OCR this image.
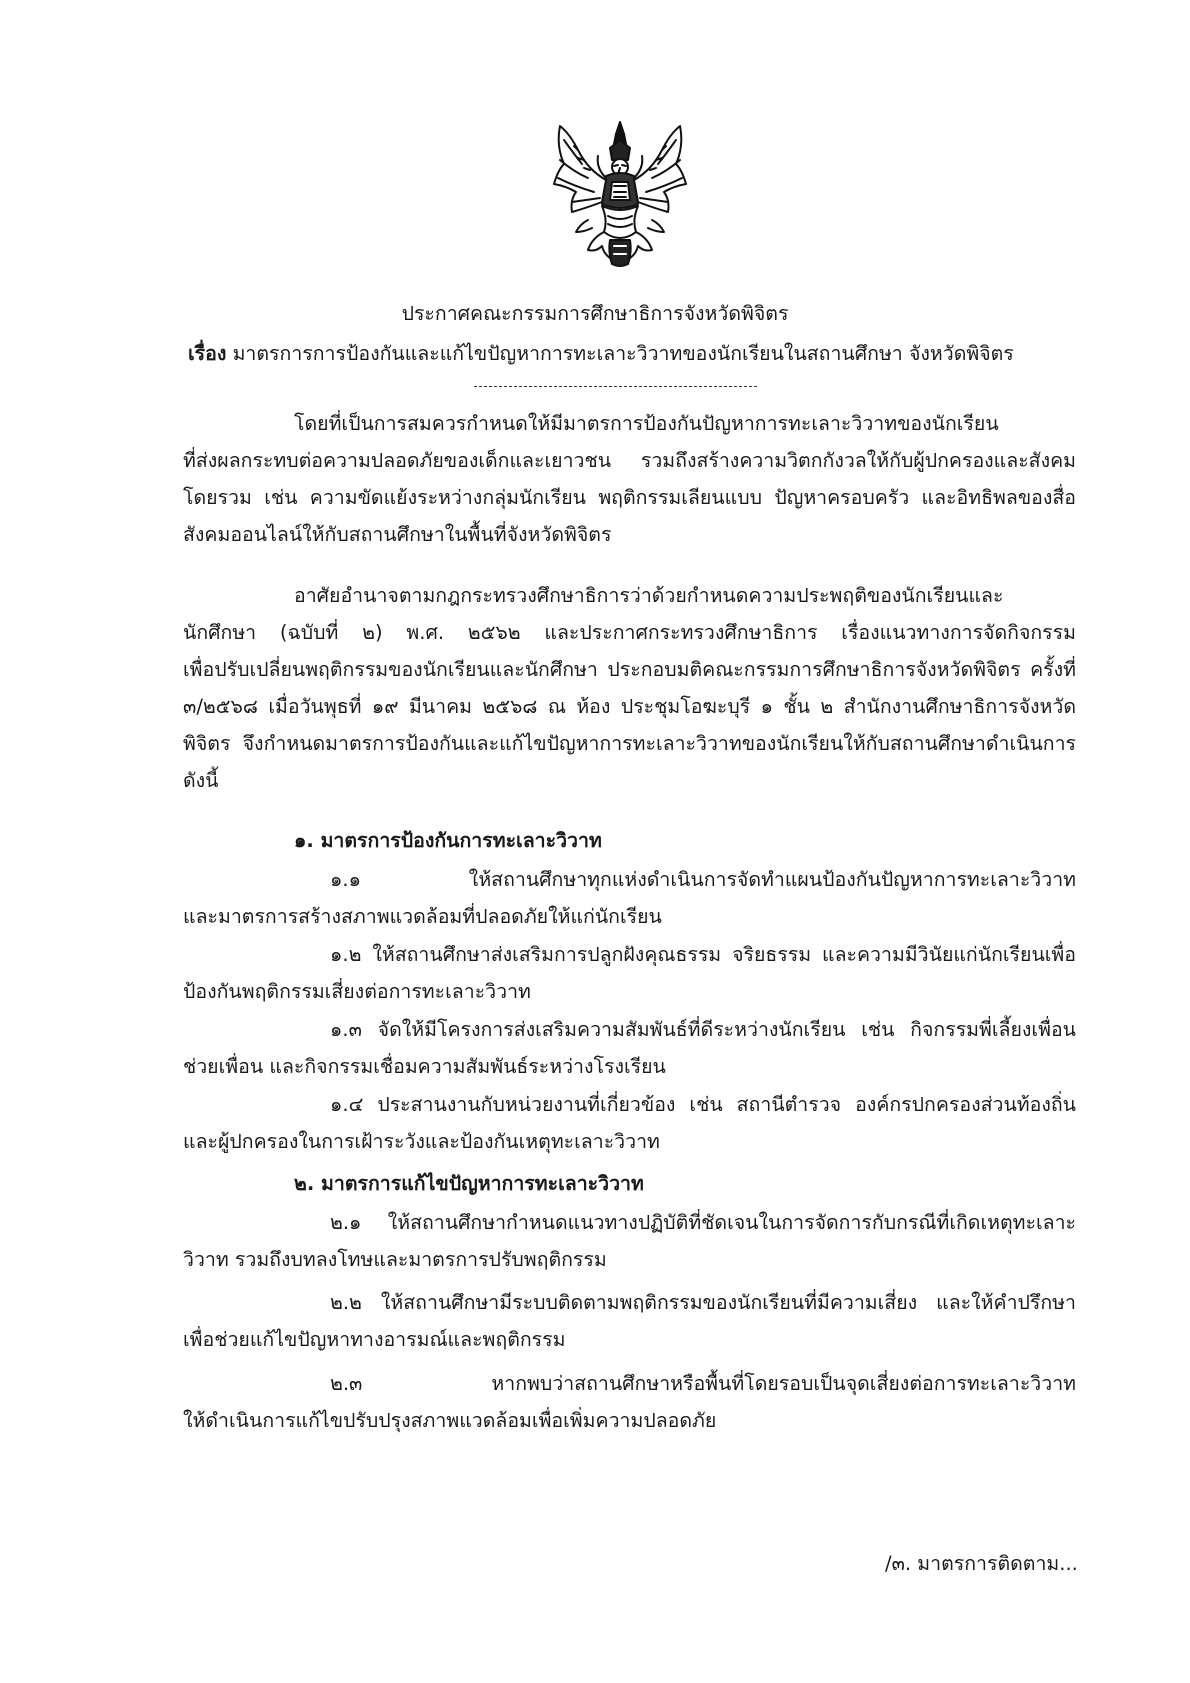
ประกาศคณะกรรมการศึกษาธิการจังหวัดพิจิตร
เรื่อง มาตรการการป้องกันและแก้ไขปัญหาการทะเลาะวิวาทของนักเรียนในสถานศึกษา จังหวัดพิจิตร
โดยที่เป็นการสมควรกำหนดให้มีมาตรการป้องกันปัญหาการทะเลาะวิวาทของนักเรียน
ที่ส่งผลกระทบต่อความปลอดภัยของเด็กและเยาวชน รวมถึงสร้างความวิตกกังวลให้กับผู้ปกครองและสังคม
โดยรวม เช่น ความขัดแย้งระหว่างกลุ่มนักเรียน พฤติกรรมเลียนแบบ ปัญหาครอบครัว และอิทธิพลของสื่อ
สังคมออนไลน์ให้กับสถานศึกษาในพื้นที่จังหวัดพิจิตร
อาศัยอำนาจตามกฎกระทรวงศึกษาธิการว่าด้วยกำหนดความประพฤติของนักเรียนและ
นักศึกษา (ฉบับที่ ๒) พ.ศ. ๒๕๖๒ และประกาศกระทรวงศึกษาธิการ เรื่องแนวทางการจัดกิจกรรม
เพื่อปรับเปลี่ยนพฤติกรรมของนักเรียนและนักศึกษา ประกอบมติคณะกรรมการศึกษาธิการจังหวัดพิจิตร ครั้งที่
๓/๒๕๖๘ เมื่อวันพุธที่ ๑๙ มีนาคม ๒๕๖๘ ณ ห้อง ประชุมโอฆะบุรี ๑ ชั้น ๒ สำนักงานศึกษาธิการจังหวัด
พิจิตร จึงกำหนดมาตรการป้องกันและแก้ไขปัญหาการทะเลาะวิวาทของนักเรียนให้กับสถานศึกษาดำเนินการ
ดังนี้
๑. มาตรการป้องกันการทะเลาะวิวาท
๑.๑ ให้สถานศึกษาทุกแห่งดำเนินการจัดทำแผนป้องกันปัญหาการทะเลาะวิวาท
และมาตรการสร้างสภาพแวดล้อมที่ปลอดภัยให้แก่นักเรียน
๑.๒ ให้สถานศึกษาส่งเสริมการปลูกฝังคุณธรรม จริยธรรม และความมีวินัยแก่นักเรียนเพื่อ
ป้องกันพฤติกรรมเสี่ยงต่อการทะเลาะวิวาท
๑.๓ จัดให้มีโครงการส่งเสริมความสัมพันธ์ที่ดีระหว่างนักเรียน เช่น กิจกรรมพี่เลี้ยงเพื่อน
ช่วยเพื่อน และกิจกรรมเชื่อมความสัมพันธ์ระหว่างโรงเรียน
๑.๔ ประสานงานกับหน่วยงานที่เกี่ยวข้อง เช่น สถานีตำรวจ องค์กรปกครองส่วนท้องถิ่น
และผู้ปกครองในการเฝ้าระวังและป้องกันเหตุทะเลาะวิวาท
๒. มาตรการแก้ไขปัญหาการทะเลาะวิวาท
๒.๑ ให้สถานศึกษากำหนดแนวทางปฏิบัติที่ชัดเจนในการจัดการกับกรณีที่เกิดเหตุทะเลาะ
วิวาท รวมถึงบทลงโทษและมาตรการปรับพฤติกรรม
๒.๒ ให้สถานศึกษามีระบบติดตามพฤติกรรมของนักเรียนที่มีความเสี่ยง และให้คำปรึกษา
เพื่อช่วยแก้ไขปัญหาทางอารมณ์และพฤติกรรม
๒.๓ หากพบว่าสถานศึกษาหรือพื้นที่โดยรอบเป็นจุดเสี่ยงต่อการทะเลาะวิวาท
ให้ดำเนินการแก้ไขปรับปรุงสภาพแวดล้อมเพื่อเพิ่มความปลอดภัย
/๓. มาตรการติดตาม...
